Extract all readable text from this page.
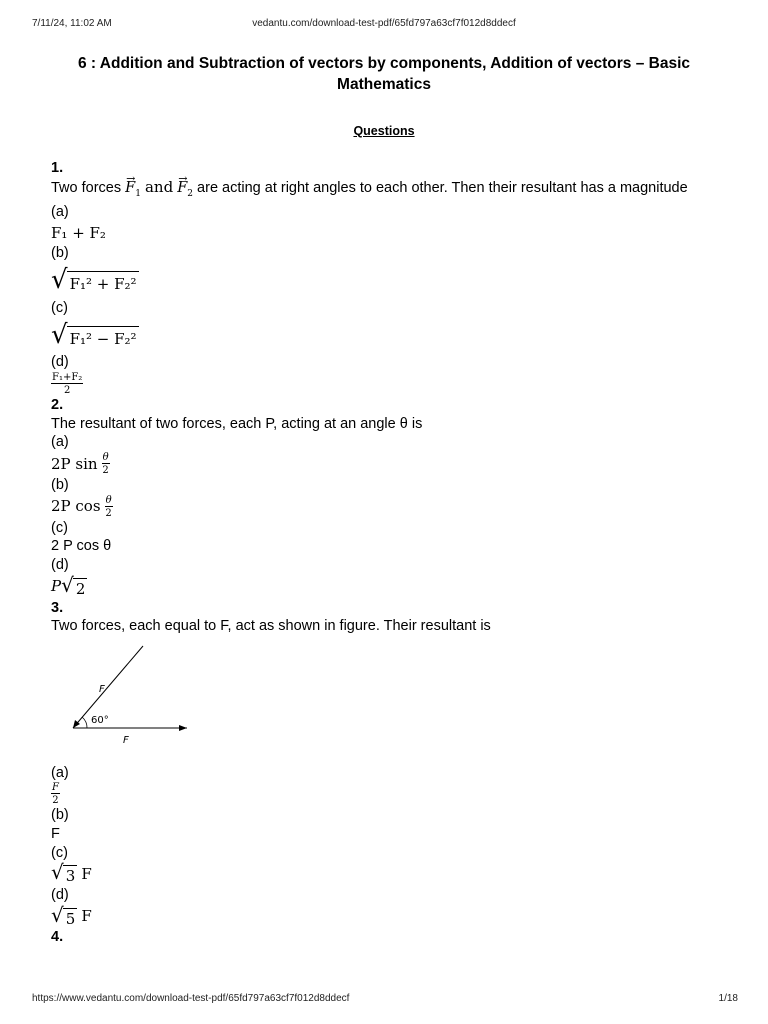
7/11/24, 11:02 AM	vedantu.com/download-test-pdf/65fd797a63cf7f012d8ddecf
6 : Addition and Subtraction of vectors by components, Addition of vectors – Basic Mathematics
Questions
1.
Two forces → $F_1$ and → $F_2$ are acting at right angles to each other. Then their resultant has a magnitude
(a)
F₁ + F₂
(b)
√ F₁² + F₂²
(c)
√ F₁² − F₂²
(d)
$\frac{\text{F₁+F₂}}{2}$
2.
The resultant of two forces, each P, acting at an angle θ is
(a)
2P sin
$\frac{\theta}{2}$
(b)
2P cos
$\frac{\theta}{2}$
(c)
2 P cos θ
(d)
P √ 2
3.
Two forces, each equal to F, act as shown in figure. Their resultant is
F
60°
F
(a)
$\frac{F}{2}$
(b)
F
(c)
√ 3
F
(d)
√ 5
F
4.
https://www.vedantu.com/download-test-pdf/65fd797a63cf7f012d8ddecf	1/18
